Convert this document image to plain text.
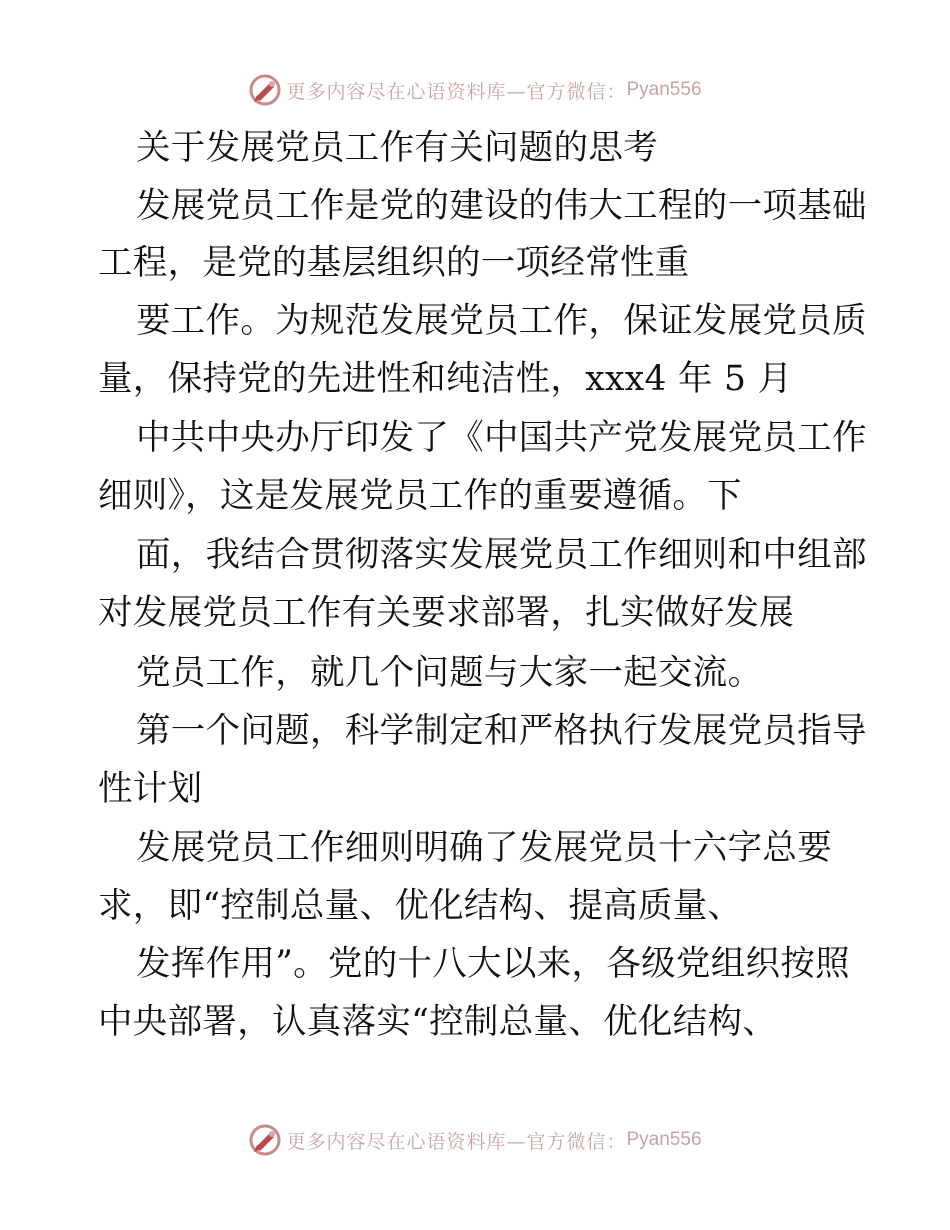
更多内容尽在心语资料库—官方微信： Pyan556
关于发展党员工作有关问题的思考
发展党员工作是党的建设的伟大工程的一项基础
工程，是党的基层组织的一项经常性重
要工作。为规范发展党员工作，保证发展党员质
量，保持党的先进性和纯洁性，xxx4 年 5 月
中共中央办厅印发了《中国共产党发展党员工作
细则》，这是发展党员工作的重要遵循。下
面，我结合贯彻落实发展党员工作细则和中组部
对发展党员工作有关要求部署，扎实做好发展
党员工作，就几个问题与大家一起交流。
第一个问题，科学制定和严格执行发展党员指导
性计划
发展党员工作细则明确了发展党员十六字总要
求，即“控制总量、优化结构、提高质量、
发挥作用”。党的十八大以来，各级党组织按照
中央部署，认真落实“控制总量、优化结构、
更多内容尽在心语资料库—官方微信： Pyan556
